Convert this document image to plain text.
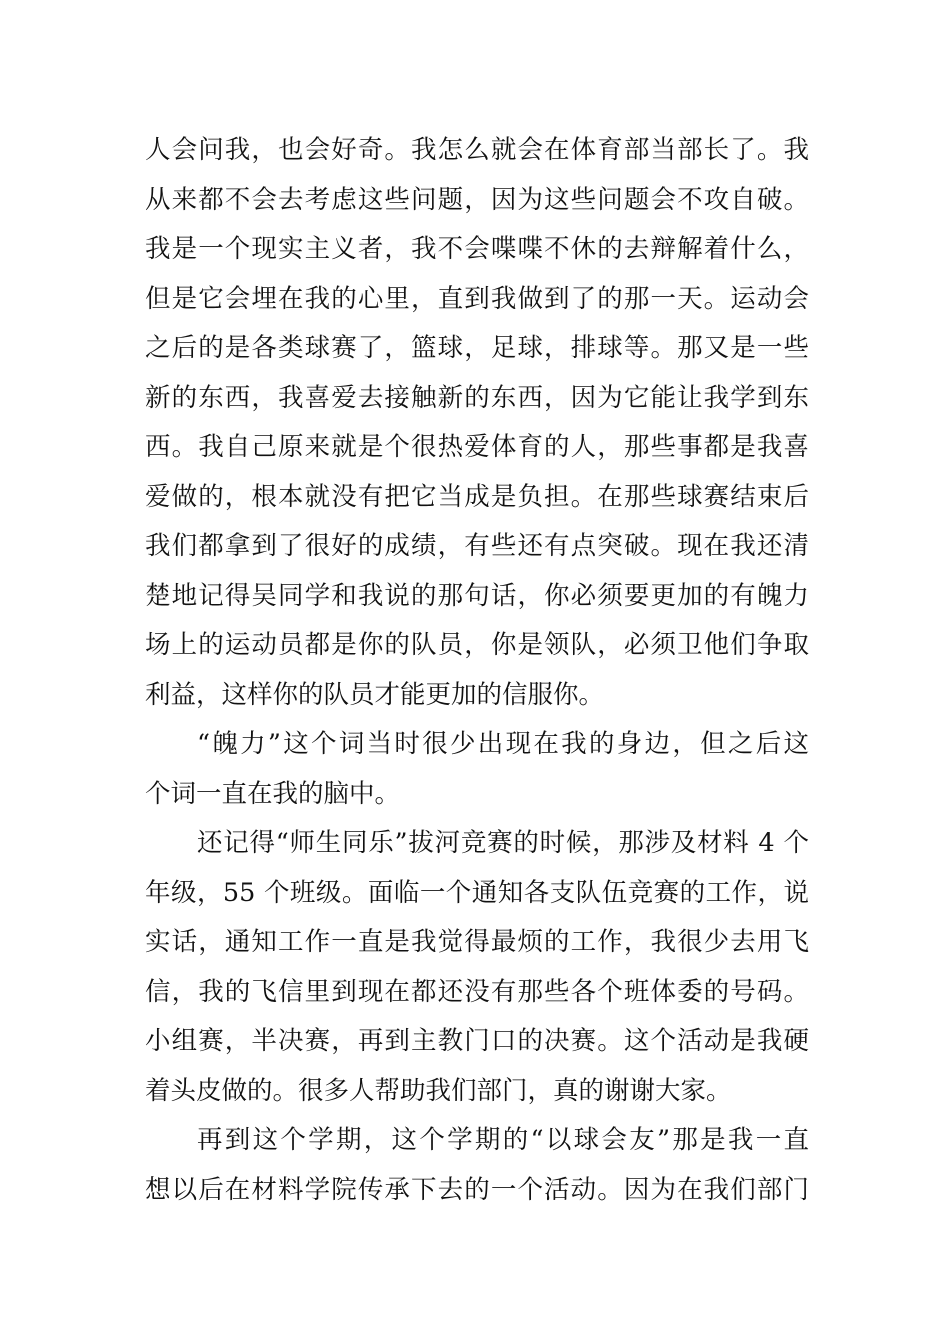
人会问我，也会好奇。我怎么就会在体育部当部长了。我
从来都不会去考虑这些问题，因为这些问题会不攻自破。
我是一个现实主义者，我不会喋喋不休的去辩解着什么，
但是它会埋在我的心里，直到我做到了的那一天。运动会
之后的是各类球赛了，篮球，足球，排球等。那又是一些
新的东西，我喜爱去接触新的东西，因为它能让我学到东
西。我自己原来就是个很热爱体育的人，那些事都是我喜
爱做的，根本就没有把它当成是负担。在那些球赛结束后
我们都拿到了很好的成绩，有些还有点突破。现在我还清
楚地记得吴同学和我说的那句话，你必须要更加的有魄力
场上的运动员都是你的队员，你是领队，必须卫他们争取
利益，这样你的队员才能更加的信服你。
“魄力”这个词当时很少出现在我的身边，但之后这
个词一直在我的脑中。
还记得“师生同乐”拔河竞赛的时候，那涉及材料 4 个
年级，55 个班级。面临一个通知各支队伍竞赛的工作，说
实话，通知工作一直是我觉得最烦的工作，我很少去用飞
信，我的飞信里到现在都还没有那些各个班体委的号码。
小组赛，半决赛，再到主教门口的决赛。这个活动是我硬
着头皮做的。很多人帮助我们部门，真的谢谢大家。
再到这个学期，这个学期的“以球会友”那是我一直
想以后在材料学院传承下去的一个活动。因为在我们部门
